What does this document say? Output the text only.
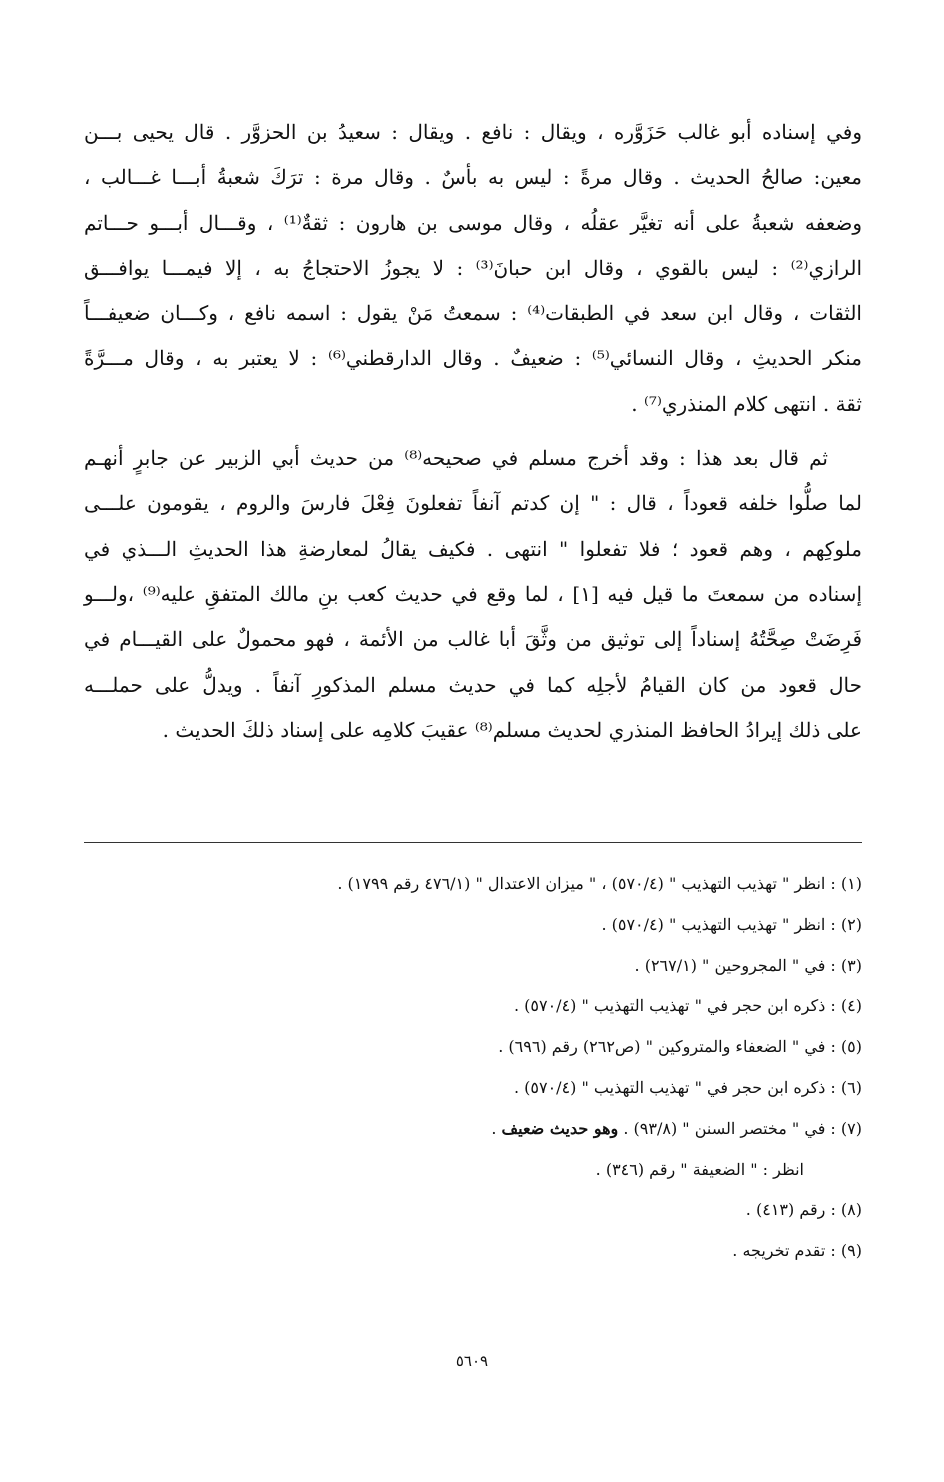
وفي إسناده أبو غالب حَزَوَّره ، ويقال : نافع . ويقال : سعيدُ بن الحزوَّر . قال يحيى بـــن
معين: صالحُ الحديث . وقال مرةً : ليس به بأسٌ . وقال مرة : ترَكَ شعبةُ أبـــا غـــالب ،
وضعفه شعبةُ على أنه تغيَّر عقلُه ، وقال موسى بن هارون : ثقةٌ⁽¹⁾ ، وقـــال أبـــو حـــاتم
الرازي⁽²⁾ : ليس بالقوي ، وقال ابن حبانَ⁽³⁾ : لا يجوزُ الاحتجاجُ به ، إلا فيمـــا يوافـــق
الثقات ، وقال ابن سعد في الطبقات⁽⁴⁾ : سمعتُ مَنْ يقول : اسمه نافع ، وكـــان ضعيفـــاً
منكر الحديثِ ، وقال النسائي⁽⁵⁾ : ضعيفٌ . وقال الدارقطني⁽⁶⁾ : لا يعتبر به ، وقال مـــرَّةً
ثقة . انتهى كلام المنذري⁽⁷⁾ .
ثم قال بعد هذا : وقد أخرج مسلم في صحيحه⁽⁸⁾ من حديث أبي الزبير عن جابرٍ أنهـم
لما صلُّوا خلفه قعوداً ، قال : " إن كدتم آنفاً تفعلونَ فِعْلَ فارسَ والروم ، يقومون علـــى
ملوكِهم ، وهم قعود ؛ فلا تفعلوا " انتهى . فكيف يقالُ لمعارضةِ هذا الحديثِ الـــذي في
إسناده من سمعتَ ما قيل فيه [١] ، لما وقع في حديث كعب بنِ مالك المتفقِ عليه⁽⁹⁾ ،ولـــو
فَرِضَتْ صِحَّتُهُ إسناداً إلى توثيق من وثَّقَ أبا غالب من الأئمة ، فهو محمولٌ على القيـــام في
حال قعود من كان القيامُ لأجلِه كما في حديث مسلم المذكورِ آنفاً . ويدلُّ على حملـــه
على ذلك إيرادُ الحافظ المنذري لحديث مسلم⁽⁸⁾ عقيبَ كلامِه على إسناد ذلكَ الحديث .
(١) : انظر " تهذيب التهذيب " (٥٧٠/٤) ، " ميزان الاعتدال " (٤٧٦/١ رقم ١٧٩٩) .
(٢) : انظر " تهذيب التهذيب " (٥٧٠/٤) .
(٣) : في " المجروحين " (٢٦٧/١) .
(٤) : ذكره ابن حجر في " تهذيب التهذيب " (٥٧٠/٤) .
(٥) : في " الضعفاء والمتروكين " (ص٢٦٢) رقم (٦٩٦) .
(٦) : ذكره ابن حجر في " تهذيب التهذيب " (٥٧٠/٤) .
(٧) : في " مختصر السنن " (٩٣/٨) . وهو حديث ضعيف .
انظر : " الضعيفة " رقم (٣٤٦) .
(٨) : رقم (٤١٣) .
(٩) : تقدم تخريجه .
٥٦٠٩
